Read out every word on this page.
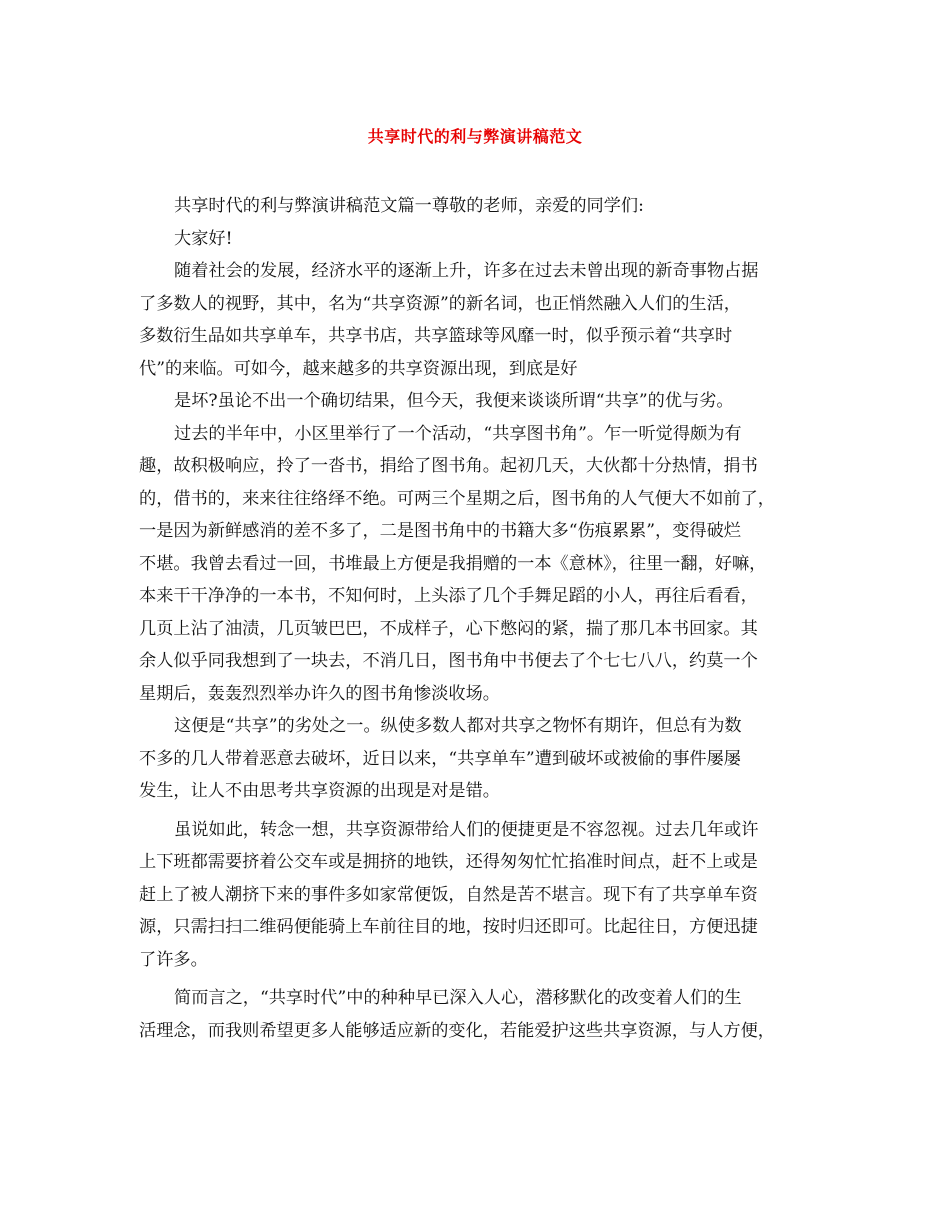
共享时代的利与弊演讲稿范文
共享时代的利与弊演讲稿范文篇一尊敬的老师，亲爱的同学们:
大家好!
随着社会的发展，经济水平的逐渐上升，许多在过去未曾出现的新奇事物占据
了多数人的视野，其中，名为“共享资源”的新名词，也正悄然融入人们的生活，
多数衍生品如共享单车，共享书店，共享篮球等风靡一时，似乎预示着“共享时
代”的来临。可如今，越来越多的共享资源出现，到底是好
是坏?虽论不出一个确切结果，但今天，我便来谈谈所谓“共享”的优与劣。
过去的半年中，小区里举行了一个活动，“共享图书角”。乍一听觉得颇为有
趣，故积极响应，拎了一沓书，捐给了图书角。起初几天，大伙都十分热情，捐书
的，借书的，来来往往络绎不绝。可两三个星期之后，图书角的人气便大不如前了，
一是因为新鲜感消的差不多了，二是图书角中的书籍大多“伤痕累累”，变得破烂
不堪。我曾去看过一回，书堆最上方便是我捐赠的一本《意林》，往里一翻，好嘛，
本来干干净净的一本书，不知何时，上头添了几个手舞足蹈的小人，再往后看看，
几页上沾了油渍，几页皱巴巴，不成样子，心下憋闷的紧，揣了那几本书回家。其
余人似乎同我想到了一块去，不消几日，图书角中书便去了个七七八八，约莫一个
星期后，轰轰烈烈举办许久的图书角惨淡收场。
这便是“共享”的劣处之一。纵使多数人都对共享之物怀有期许，但总有为数
不多的几人带着恶意去破坏，近日以来，“共享单车”遭到破坏或被偷的事件屡屡
发生，让人不由思考共享资源的出现是对是错。
虽说如此，转念一想，共享资源带给人们的便捷更是不容忽视。过去几年或许
上下班都需要挤着公交车或是拥挤的地铁，还得匆匆忙忙掐准时间点，赶不上或是
赶上了被人潮挤下来的事件多如家常便饭，自然是苦不堪言。现下有了共享单车资
源，只需扫扫二维码便能骑上车前往目的地，按时归还即可。比起往日，方便迅捷
了许多。
简而言之，“共享时代”中的种种早已深入人心，潜移默化的改变着人们的生
活理念，而我则希望更多人能够适应新的变化，若能爱护这些共享资源，与人方便，
